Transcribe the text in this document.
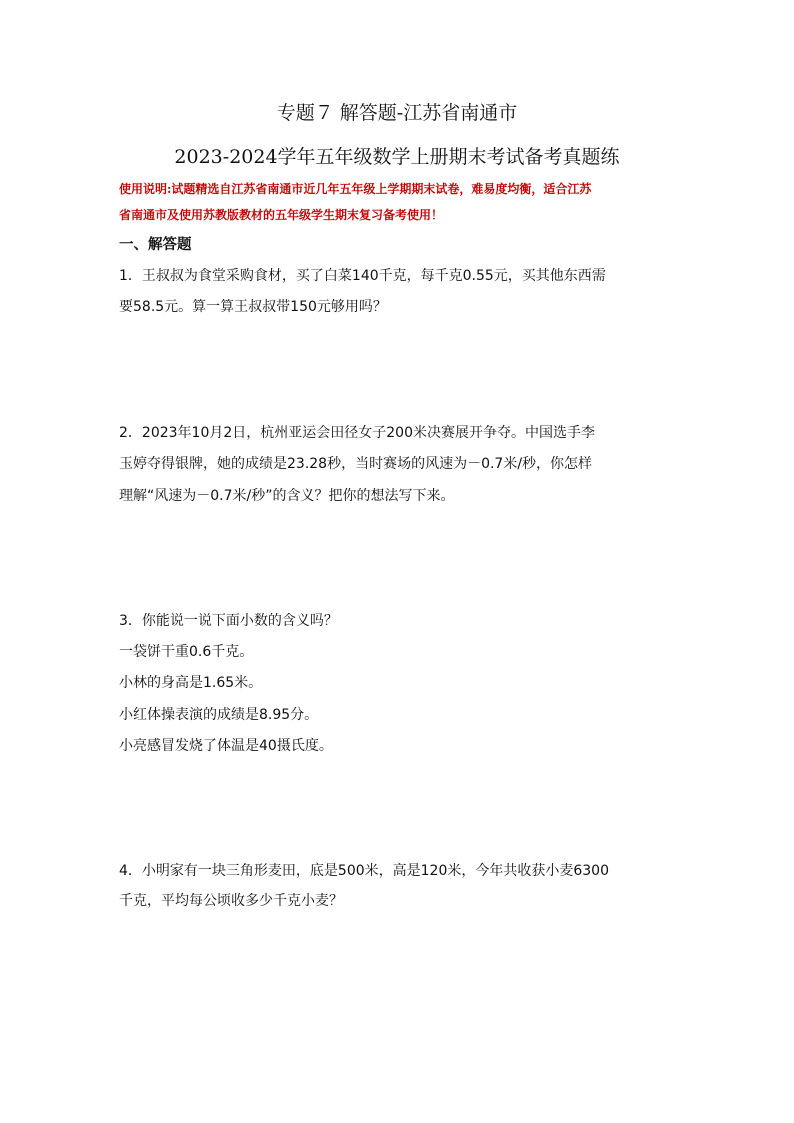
专题７ 解答题-江苏省南通市
2023-2024学年五年级数学上册期末考试备考真题练
使用说明:试题精选自江苏省南通市近几年五年级上学期期末试卷，难易度均衡，适合江苏
省南通市及使用苏教版教材的五年级学生期末复习备考使用！
一、解答题
1．王叔叔为食堂采购食材，买了白菜140千克，每千克0.55元，买其他东西需
要58.5元。算一算王叔叔带150元够用吗？
2．2023年10月2日，杭州亚运会田径女子200米决赛展开争夺。中国选手李
玉婷夺得银牌，她的成绩是23.28秒，当时赛场的风速为－0.7米/秒，你怎样
理解“风速为－0.7米/秒”的含义？把你的想法写下来。
3．你能说一说下面小数的含义吗？
一袋饼干重0.6千克。
小林的身高是1.65米。
小红体操表演的成绩是8.95分。
小亮感冒发烧了体温是40摄氏度。
4．小明家有一块三角形麦田，底是500米，高是120米，今年共收获小麦6300
千克，平均每公顷收多少千克小麦？
